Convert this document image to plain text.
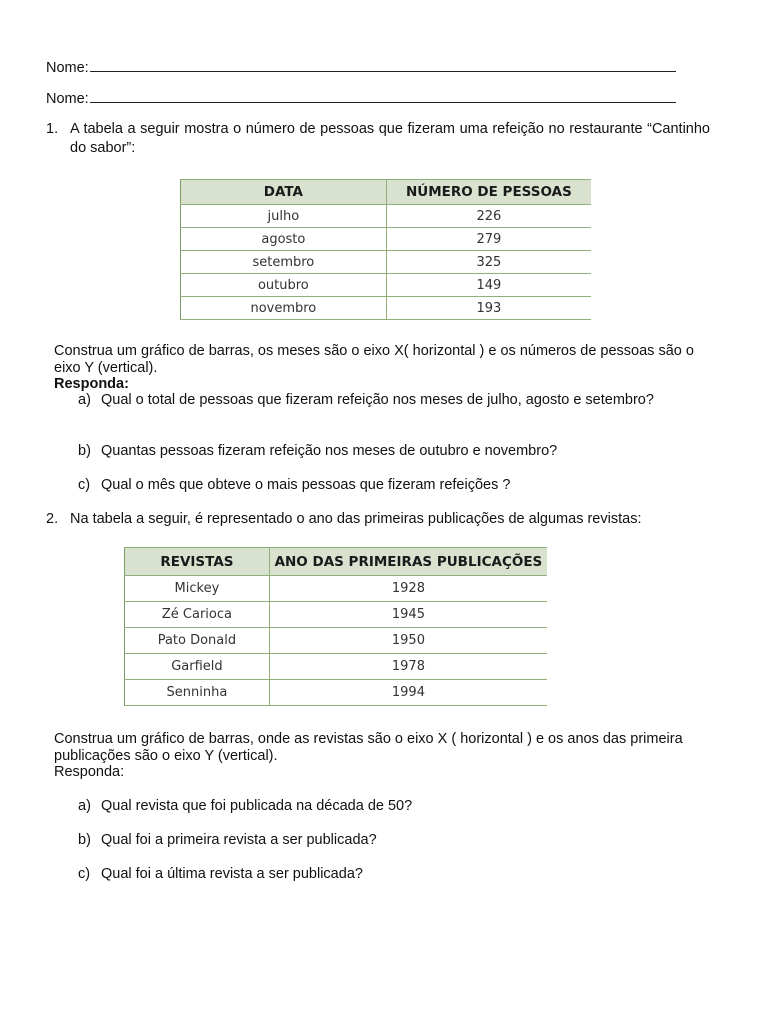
Nome:
Nome:
1. A tabela a seguir mostra o número de pessoas que fizeram uma refeição no restaurante “Cantinho do sabor”:
DATA	NÚMERO DE PESSOAS
julho	226
agosto	279
setembro	325
outubro	149
novembro	193
Construa um gráfico de barras, os meses são o eixo X( horizontal ) e os números de pessoas são o eixo Y (vertical).
Responda:
a) Qual o total de pessoas que fizeram refeição nos meses de julho, agosto e setembro?
b) Quantas pessoas fizeram refeição nos meses de outubro e novembro?
c) Qual o mês que obteve o mais pessoas que fizeram refeições ?
2. Na tabela a seguir, é representado o ano das primeiras publicações de algumas revistas:
REVISTAS	ANO DAS PRIMEIRAS PUBLICAÇÕES
Mickey	1928
Zé Carioca	1945
Pato Donald	1950
Garfield	1978
Senninha	1994
Construa um gráfico de barras, onde as revistas são o eixo X ( horizontal ) e os anos das primeira publicações são o eixo Y (vertical).
Responda:
a) Qual revista que foi publicada na década de 50?
b) Qual foi a primeira revista a ser publicada?
c) Qual foi a última revista a ser publicada?
